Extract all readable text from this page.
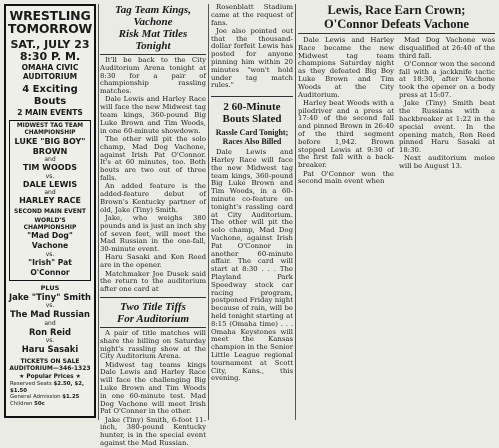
WRESTLING
TOMORROW
SAT., JULY 23
8:30 P. M.
OMAHA CIVIC
AUDITORIUM
4 Exciting Bouts
2 MAIN EVENTS
MIDWEST TAG TEAM
CHAMPIONSHIP
LUKE "BIG BOY"
BROWN
and
TIM WOODS
vs.
DALE LEWIS
and
HARLEY RACE
SECOND MAIN EVENT
WORLD'S CHAMPIONSHIP
"Mad Dog" Vachone
vs.
"Irish" Pat O'Connor
PLUS
Jake "Tiny" Smith
vs.
The Mad Russian
and
Ron Reid
vs.
Haru Sasaki
TICKETS ON SALE
AUDITORIUM—346-1323
★ Popular Prices ★
Reserved Seats $2.50, $2, $1.50
General Admission $1.25
Children 50c
Tag Team Kings, Vachone
Risk Mat Titles Tonight

It'll be back to the City Auditorium Arena tonight at 8:30 for a pair of championship rassling matches.

Dale Lewis and Harley Race will face the new Midwest tag team kings, 360-pound Big Luke Brown and Tim Woods, in one 60-minute showdown.

The other will pit the solo champ, Mad Dog Vachone, against Irish Pat O'Connor. It's at 60 minutes, too. Both bouts are two out of three falls.

An added feature is the added-feature debut of Brown's Kentucky partner of old, Jake (Tiny) Smith.

Jake, who weighs 380 pounds and is just an inch shy of seven feet, will meet the Mad Russian in the one-fall, 30-minute event.

Haru Sasaki and Ken Reed are in the opener.

Matchmaker Joe Dusek said the return to the auditorium after one card at

Two Title Tiffs
For Auditorium

A pair of title matches will share the billing on Saturday night's rassling show at the City Auditorium Arena.

Midwest tag teams kings Dale Lewis and Harley Race will face the challenging Big Luke Brown and Tim Woods in one 60-minute test. Mad Dog Vachone will meet Irish Pat O'Conner in the other.

Jake (Tiny) Smith, 6-foot 11-inch, 380-pound Kentucky hunter, is in the special event against the Mad Russian.

Rosenblatt Stadium came at the request of fans.

Joe also pointed out that the thousand-dollar forfeit Lewis has posted for anyone pinning him within 20 minutes "won't hold under tag match rules."

2 60-Minute
Bouts Slated
Rassle Card Tonight;
Races Also Billed

Dale Lewis and Harley Race will face the new Midwest tag team kings, 360-pound Big Luke Brown and Tim Woods, in a 60-minute co-feature on tonight's rassling card at City Auditorium. The other will pit the solo champ, Mad Dog Vachone, against Irish Pat O'Connor in another 60-minute affair. The card will start at 8:30 . . . The Playland Park Speedway stock car racing program, postponed Friday night because of rain, will be held tonight starting at 8:15 (Omaha time) . . . Omaha Keystones will meet the Kansas champion in the Senior Little League regional tournament at Scott City, Kans., this evening.

Lewis, Race Earn Crown;
O'Connor Defeats Vachone

Dale Lewis and Harley Race became the new Midwest tag team champions Saturday night as they defeated Big Boy Luke Brown and Tim Woods at the City Auditorium.

Harley beat Woods with a piledriver and a press at 17:40 of the second fall and pinned Brown in 26:40 of the third segment before 1,942. Brown stopped Lewis at 9:30 of the first fall with a back-breaker.

Pat O'Connor won the second main event when

Mad Dog Vachone was disqualified at 26:40 of the third fall.

O'Connor won the second fall with a jackknife tactic at 18:30, after Vachone took the opener on a body press at 15:07.

Jake (Tiny) Smith beat the Russians with a backbreaker at 1:22 in the special event. In the opening match, Ron Reed pinned Haru Sasaki at 18:30.

Next auditorium melee will be August 13.
